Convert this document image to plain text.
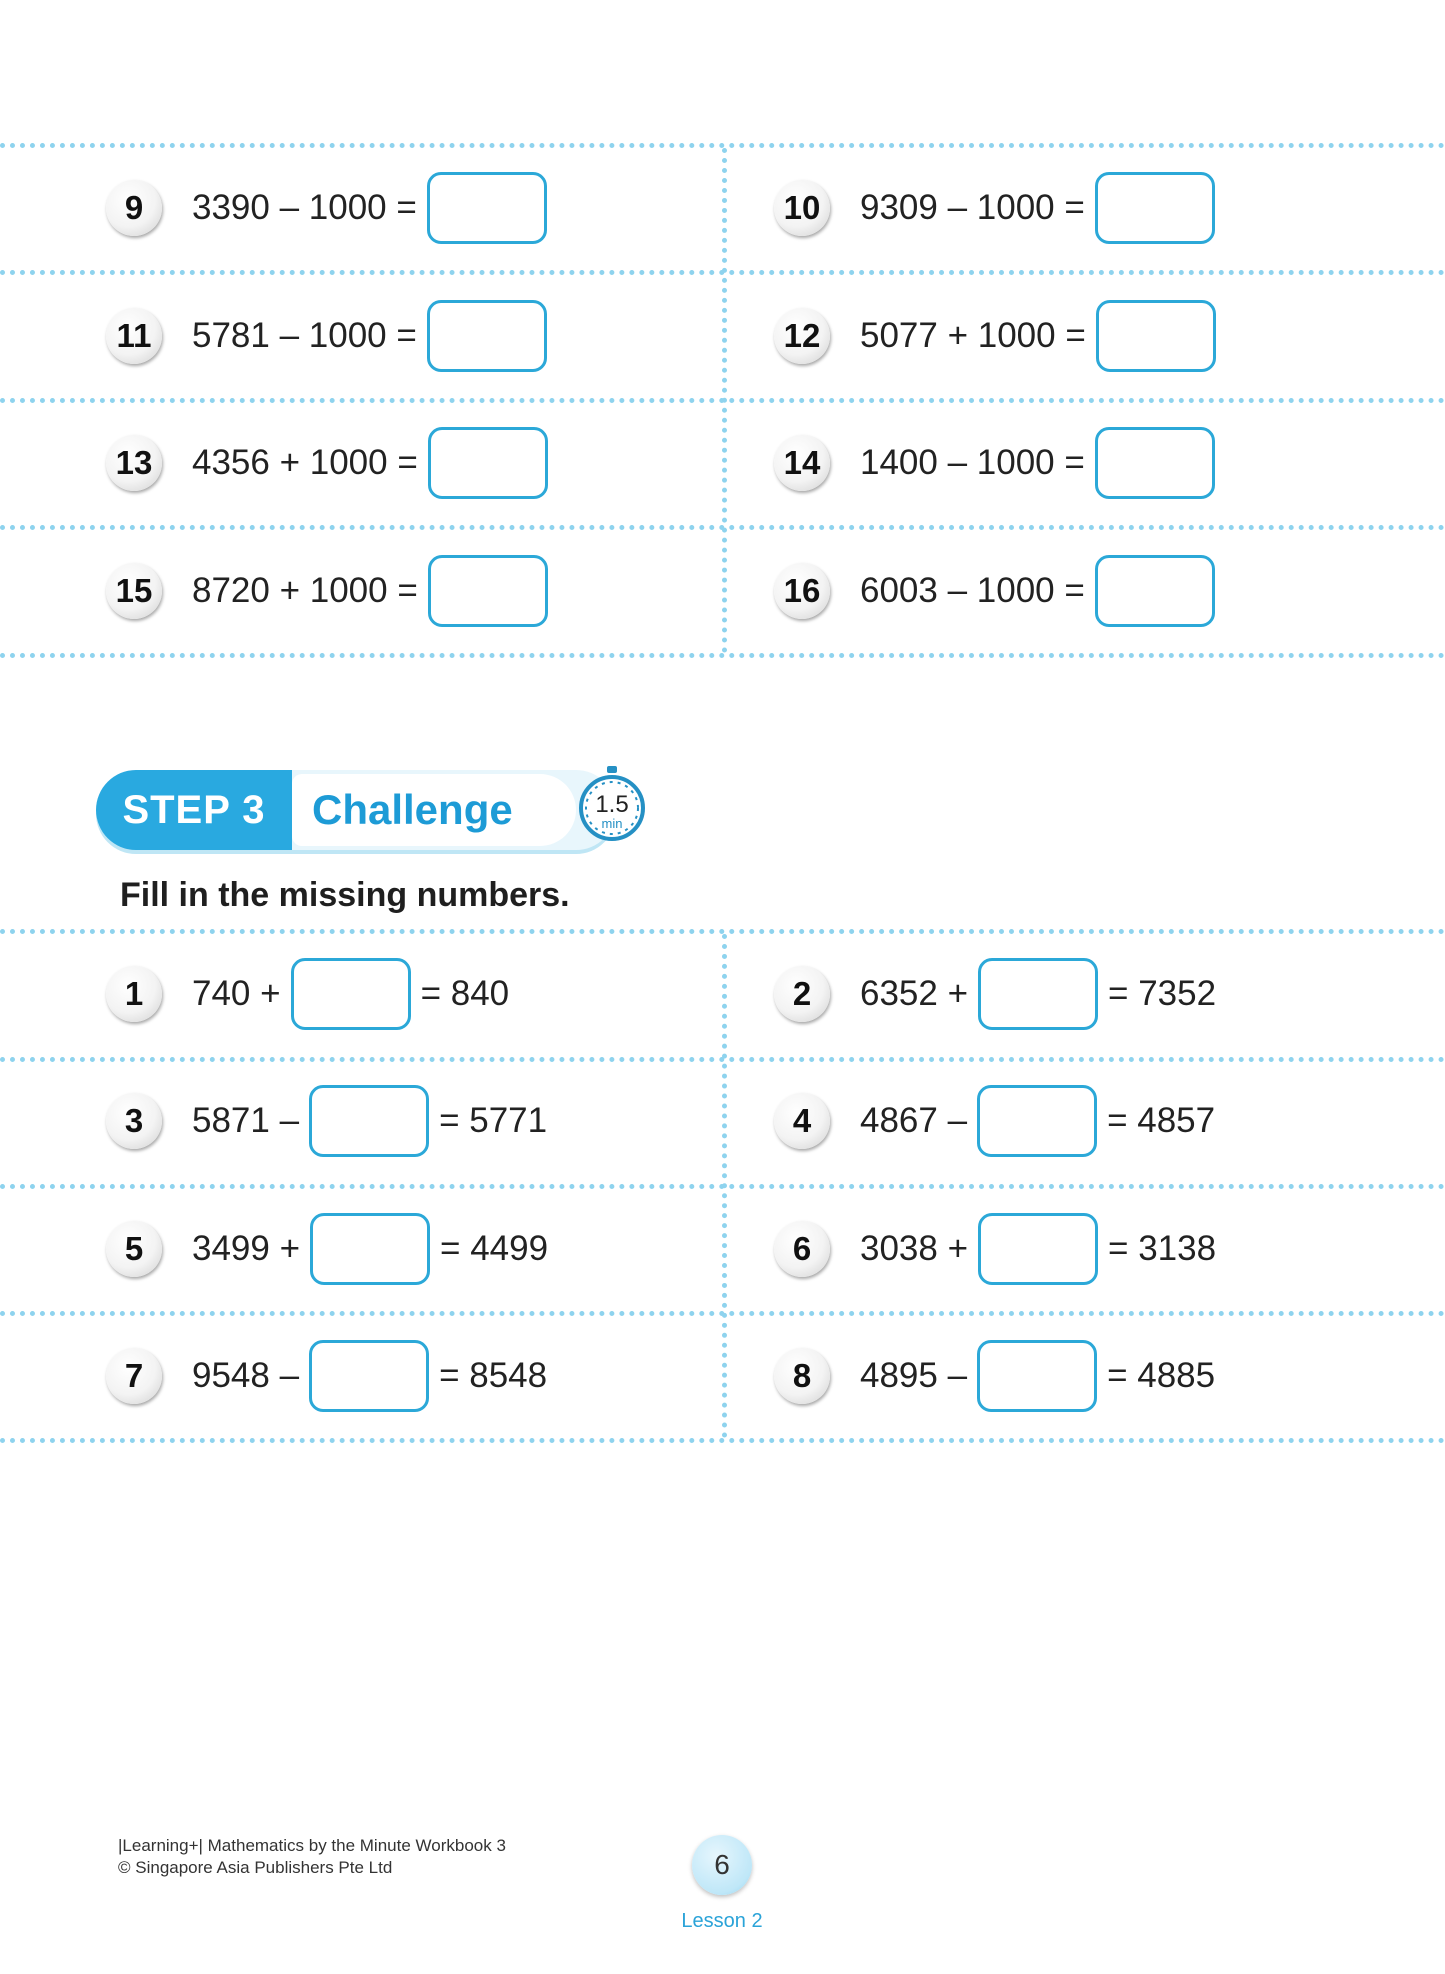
9	3390 – 1000 =	10 9309 – 1000 =
11	5781 – 1000 =	12 5077 + 1000 =
13 4356 + 1000 =	14 1400 – 1000 =
15 8720 + 1000 =	16 6003 – 1000 =
STEP 3 Challenge	1.5
min
Fill in the missing numbers.
1	740 +	= 840	2	6352 +	= 7352
3	5871 –	= 5771	4	4867 –	= 4857
5	3499 +	= 4499	6	3038 +	= 3138
7	9548 –	= 8548	8	4895 –	= 4885
|Learning+| Mathematics by the Minute Workbook 3
© Singapore Asia Publishers Pte Ltd	6
Lesson 2
